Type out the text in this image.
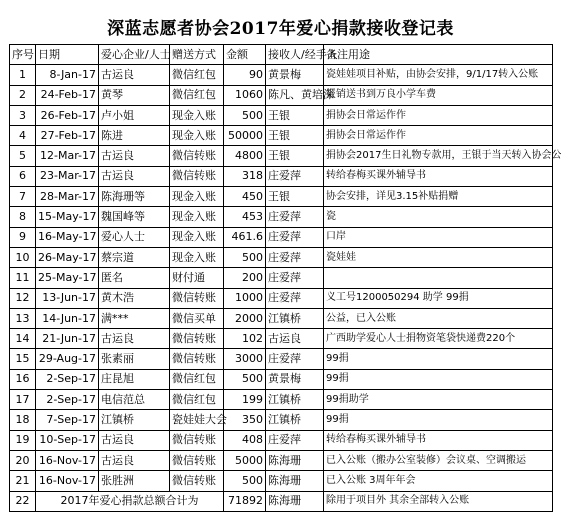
深蓝志愿者协会2017年爱心捐款接收登记表
序号	日期	爱心企业/人士	赠送方式	金额	接收人/经手人	备注用途
1	8-Jan-17	古运良	微信红包	90	黄景梅	瓷娃娃项目补贴，由协会安排，9/1/17转入公账
2	24-Feb-17	黄琴	微信红包	1060	陈凡、黄培深	报销送书到万良小学车费
3	26-Feb-17	卢小姐	现金入账	500	王银	捐协会日常运作作
4	27-Feb-17	陈进	现金入账	50000	王银	捐协会日常运作作
5	12-Mar-17	古运良	微信转账	4800	王银	捐协会2017生日礼物专款用，王银于当天转入协会公
6	23-Mar-17	古运良	微信转账	318	庄爱萍	转给春梅买课外辅导书
7	28-Mar-17	陈海珊等	现金入账	450	王银	协会安排，详见3.15补贴捐赠
8	15-May-17	魏国峰等	现金入账	453	庄爱萍	瓷
9	16-May-17	爱心人士	现金入账	461.6	庄爱萍	口岸
10	26-May-17	蔡宗道	现金入账	500	庄爱萍	瓷娃娃
11	25-May-17	匿名	财付通	200	庄爱萍	
12	13-Jun-17	黄木浩	微信转账	1000	庄爱萍	义工号1200050294 助学 99捐
13	14-Jun-17	满***	微信买单	2000	江镇桥	公益，已入公账
14	21-Jun-17	古运良	微信转账	102	古运良	广西助学爱心人士捐物资笔袋快递费220个
15	29-Aug-17	张素丽	微信转账	3000	庄爱萍	99捐
16	2-Sep-17	庄昆旭	微信红包	500	黄景梅	99捐
17	2-Sep-17	电信范总	微信红包	199	江镇桥	99捐助学
18	7-Sep-17	江镇桥	瓷娃娃大会	350	江镇桥	99捐
19	10-Sep-17	古运良	微信转账	408	庄爱萍	转给春梅买课外辅导书
20	16-Nov-17	古运良	微信转账	5000	陈海珊	已入公账（搬办公室装修）会议桌、空调搬运
21	16-Nov-17	张胜洲	微信转账	500	陈海珊	已入公账 3周年年会
22	2017年爱心捐款总额合计为			71892	陈海珊	除用于项目外 其余全部转入公账
